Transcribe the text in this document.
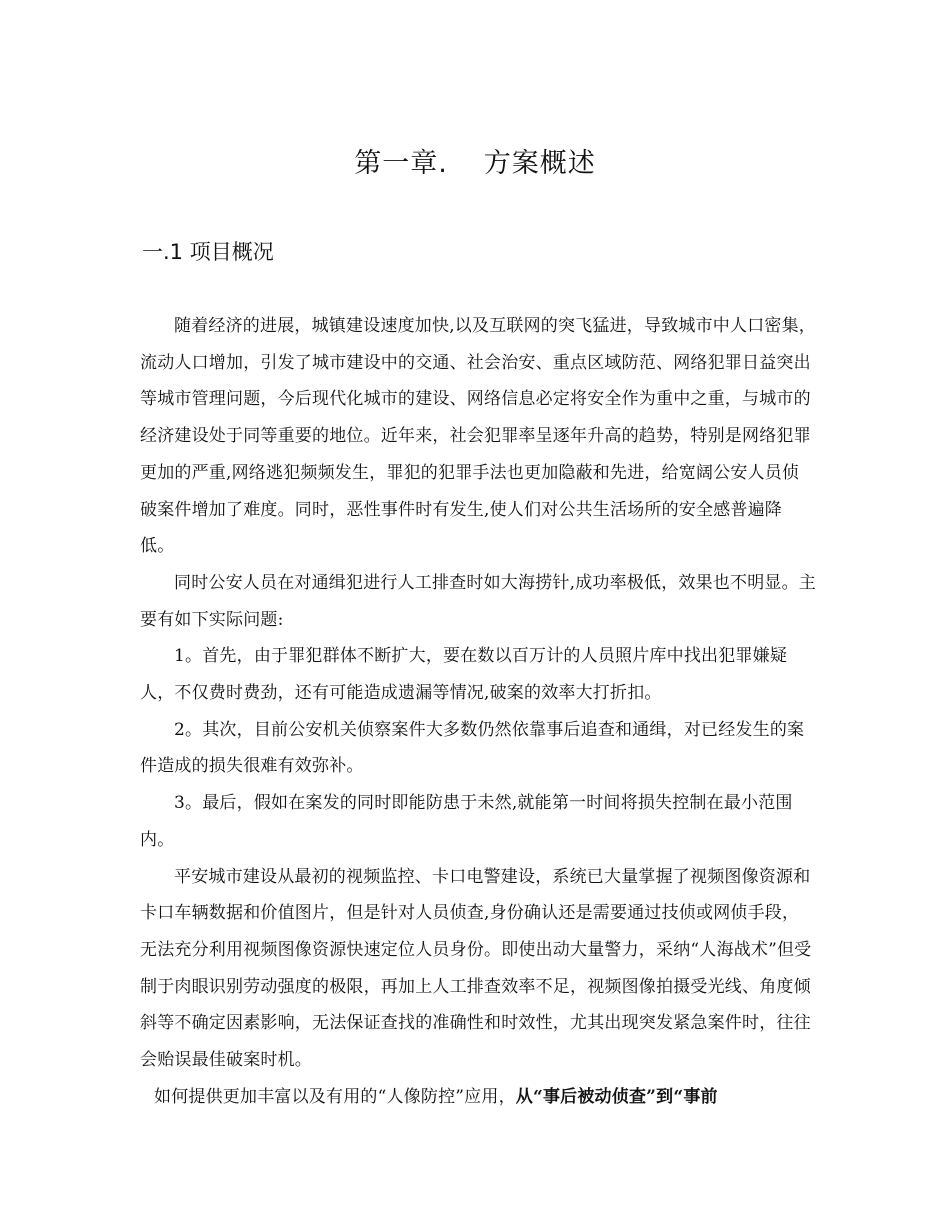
第一章. 方案概述
一.1 项目概况

随着经济的进展，城镇建设速度加快,以及互联网的突飞猛进，导致城市中人口密集，流动人口增加，引发了城市建设中的交通、社会治安、重点区域防范、网络犯罪日益突出等城市管理问题，今后现代化城市的建设、网络信息必定将安全作为重中之重，与城市的经济建设处于同等重要的地位。近年来，社会犯罪率呈逐年升高的趋势，特别是网络犯罪更加的严重,网络逃犯频频发生，罪犯的犯罪手法也更加隐蔽和先进，给宽阔公安人员侦破案件增加了难度。同时，恶性事件时有发生,使人们对公共生活场所的安全感普遍降低。

同时公安人员在对通缉犯进行人工排查时如大海捞针,成功率极低，效果也不明显。主要有如下实际问题:

1。首先，由于罪犯群体不断扩大，要在数以百万计的人员照片库中找出犯罪嫌疑人，不仅费时费劲，还有可能造成遗漏等情况,破案的效率大打折扣。

2。其次，目前公安机关侦察案件大多数仍然依靠事后追查和通缉，对已经发生的案件造成的损失很难有效弥补。

3。最后，假如在案发的同时即能防患于未然,就能第一时间将损失控制在最小范围内。

平安城市建设从最初的视频监控、卡口电警建设，系统已大量掌握了视频图像资源和卡口车辆数据和价值图片，但是针对人员侦查,身份确认还是需要通过技侦或网侦手段，无法充分利用视频图像资源快速定位人员身份。即使出动大量警力，采纳“人海战术”但受制于肉眼识别劳动强度的极限，再加上人工排查效率不足，视频图像拍摄受光线、角度倾斜等不确定因素影响，无法保证查找的准确性和时效性，尤其出现突发紧急案件时，往往会贻误最佳破案时机。

如何提供更加丰富以及有用的“人像防控”应用，从“事后被动侦查”到“事前
